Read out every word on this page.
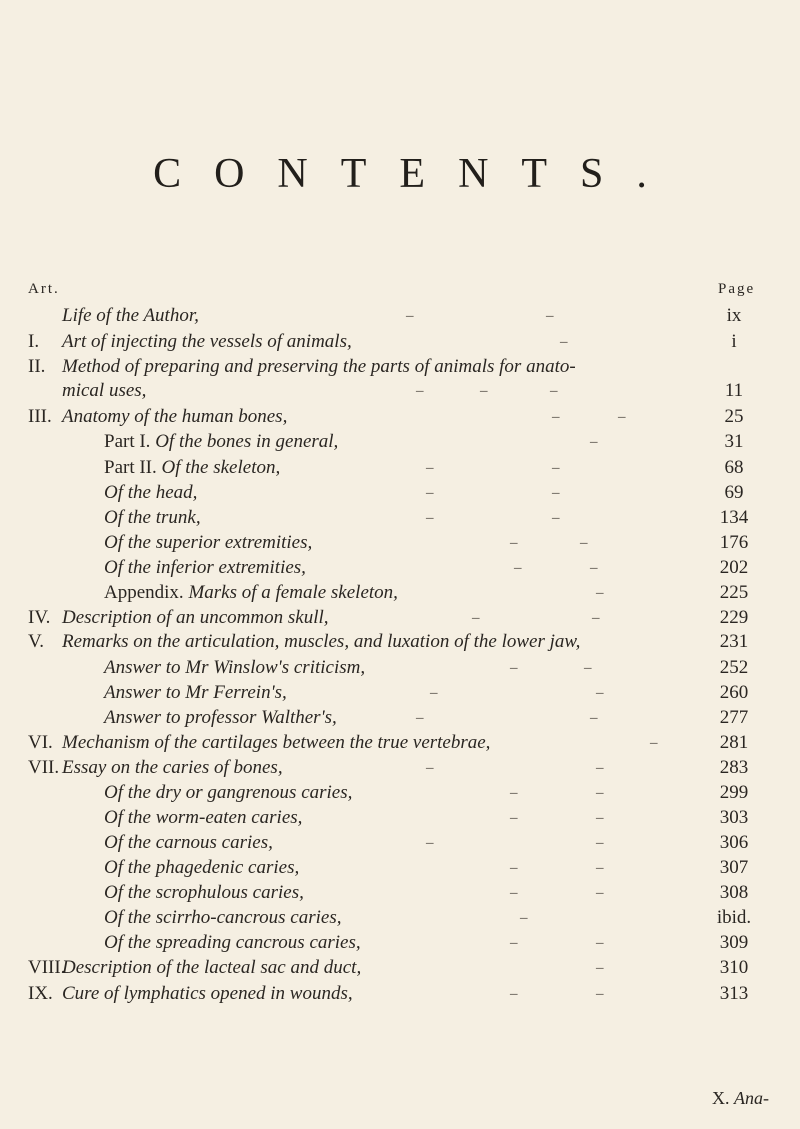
CONTENTS.
Art.	Page
Life of the Author,	–	–	ix
I. Art of injecting the vessels of animals,	–	i
II. Method of preparing and preserving the parts of animals for anato-
mical uses,	–	–	–	11
III. Anatomy of the human bones,	–	–	25
Part I. Of the bones in general,	–	31
Part II. Of the skeleton,	–	–	68
Of the head,	–	–	69
Of the trunk,	–	–	134
Of the superior extremities,	–	–	176
Of the inferior extremities,	–	–	202
Appendix. Marks of a female skeleton,	–	225
IV. Description of an uncommon skull,	–	–	229
V. Remarks on the articulation, muscles, and luxation of the lower jaw,	231
Answer to Mr Winslow's criticism,	–	–	252
Answer to Mr Ferrein's,	–	–	260
Answer to professor Walther's,	–	–	277
VI. Mechanism of the cartilages between the true vertebrae,	–	281
VII. Essay on the caries of bones,	–	–	283
Of the dry or gangrenous caries,	–	–	299
Of the worm-eaten caries,	–	–	303
Of the carnous caries,	–	–	306
Of the phagedenic caries,	–	–	307
Of the scrophulous caries,	–	–	308
Of the scirrho-cancrous caries,	–	ibid.
Of the spreading cancrous caries,	–	–	309
VIII.
Description of the lacteal sac and duct,	–	310
IX. Cure of lymphatics opened in wounds,	–	–	313
X. Ana-
